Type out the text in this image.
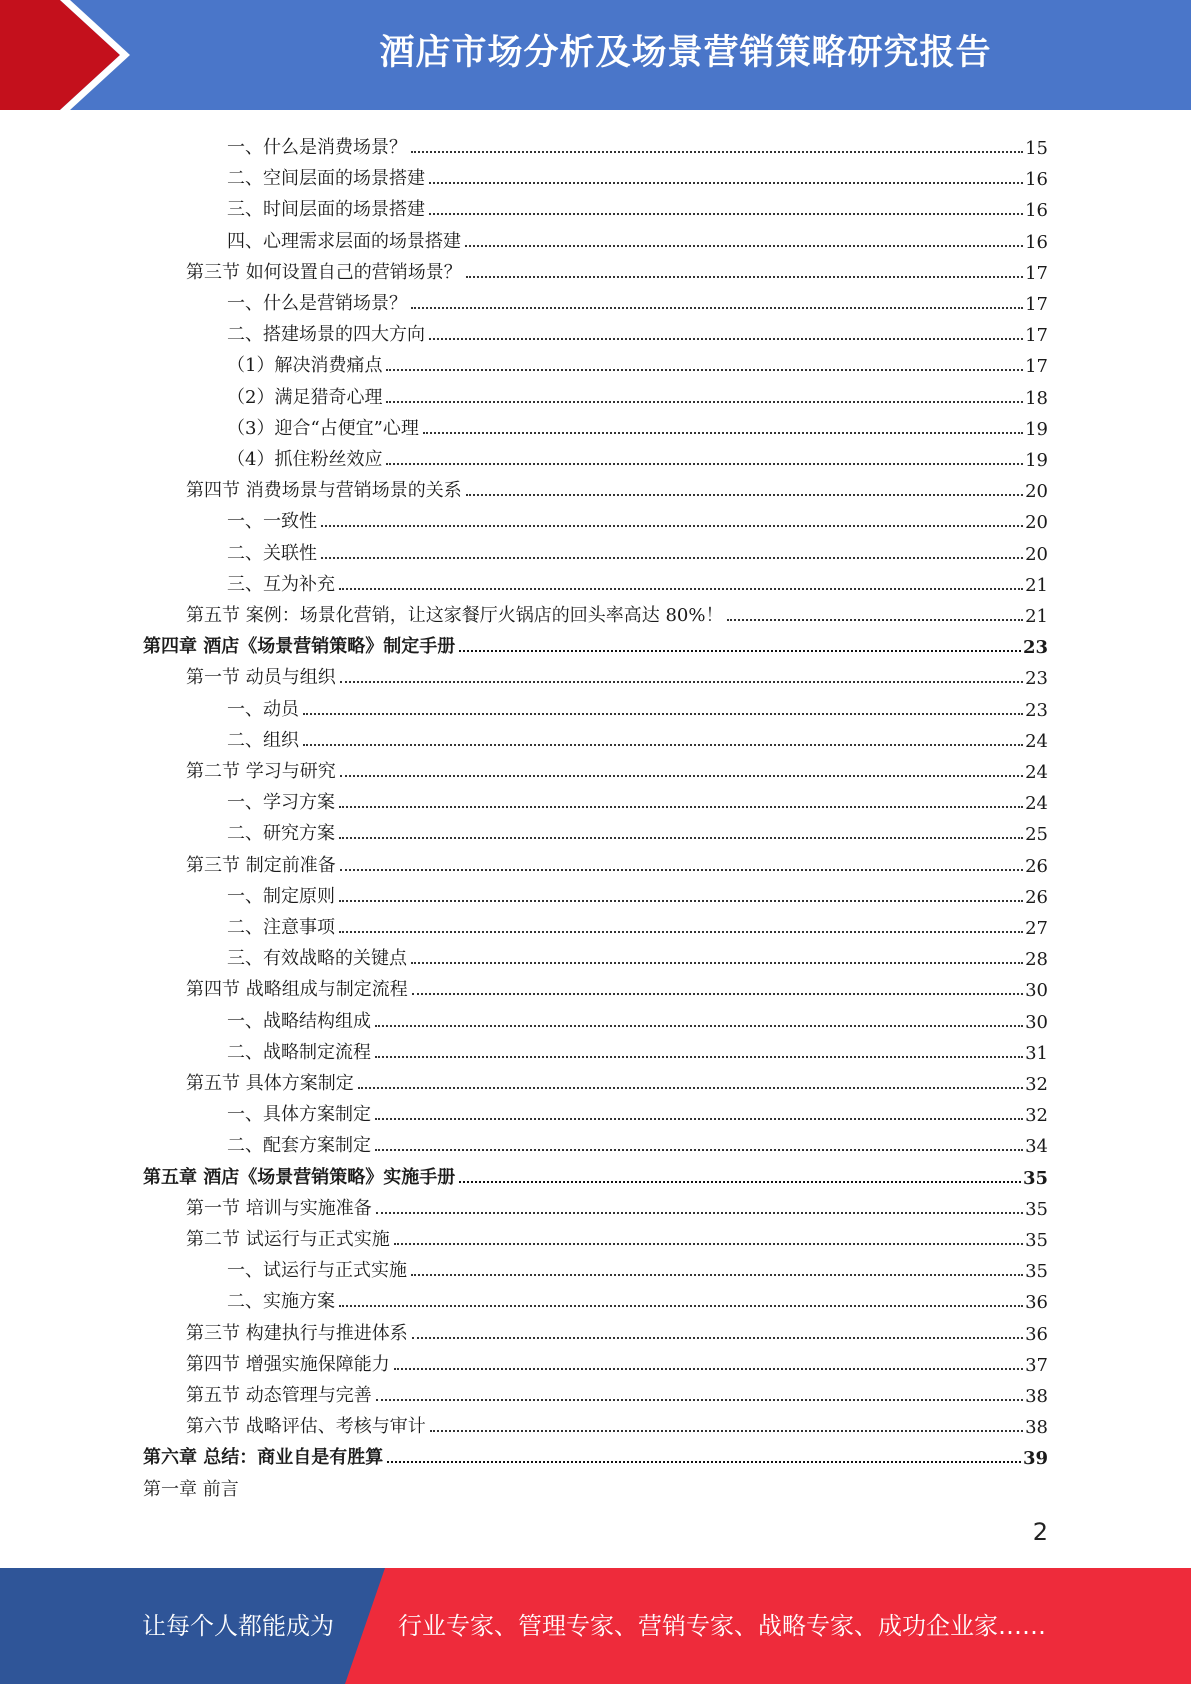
酒店市场分析及场景营销策略研究报告
一、什么是消费场景？	15
二、空间层面的场景搭建	16
三、时间层面的场景搭建	16
四、心理需求层面的场景搭建	16
第三节 如何设置自己的营销场景？	17
一、什么是营销场景？	17
二、搭建场景的四大方向	17
（1）解决消费痛点	17
（2）满足猎奇心理	18
（3）迎合“占便宜”心理	19
（4）抓住粉丝效应	19
第四节 消费场景与营销场景的关系	20
一、一致性	20
二、关联性	20
三、互为补充	21
第五节 案例：场景化营销，让这家餐厅火锅店的回头率高达 80%！	21
第四章 酒店《场景营销策略》制定手册	23
第一节 动员与组织	23
一、动员	23
二、组织	24
第二节 学习与研究	24
一、学习方案	24
二、研究方案	25
第三节 制定前准备	26
一、制定原则	26
二、注意事项	27
三、有效战略的关键点	28
第四节 战略组成与制定流程	30
一、战略结构组成	30
二、战略制定流程	31
第五节 具体方案制定	32
一、具体方案制定	32
二、配套方案制定	34
第五章 酒店《场景营销策略》实施手册	35
第一节 培训与实施准备	35
第二节 试运行与正式实施	35
一、试运行与正式实施	35
二、实施方案	36
第三节 构建执行与推进体系	36
第四节 增强实施保障能力	37
第五节 动态管理与完善	38
第六节 战略评估、考核与审计	38
第六章 总结：商业自是有胜算	39
第一章 前言
2
让每个人都能成为	行业专家、管理专家、营销专家、战略专家、成功企业家……
